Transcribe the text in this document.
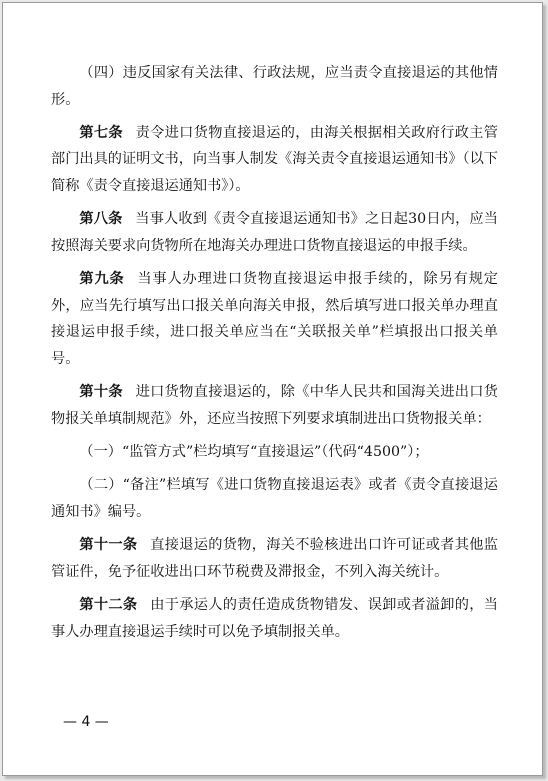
（四）违反国家有关法律、行政法规，应当责令直接退运的其他情形。

第七条 责令进口货物直接退运的，由海关根据相关政府行政主管部门出具的证明文书，向当事人制发《海关责令直接退运通知书》（以下简称《责令直接退运通知书》）。

第八条 当事人收到《责令直接退运通知书》之日起30日内，应当按照海关要求向货物所在地海关办理进口货物直接退运的申报手续。

第九条 当事人办理进口货物直接退运申报手续的，除另有规定外，应当先行填写出口报关单向海关申报，然后填写进口报关单办理直接退运申报手续，进口报关单应当在“关联报关单”栏填报出口报关单号。

第十条 进口货物直接退运的，除《中华人民共和国海关进出口货物报关单填制规范》外，还应当按照下列要求填制进出口货物报关单：

（一）“监管方式”栏均填写“直接退运”（代码“4500”）；

（二）“备注”栏填写《进口货物直接退运表》或者《责令直接退运通知书》编号。

第十一条 直接退运的货物，海关不验核进出口许可证或者其他监管证件，免予征收进出口环节税费及滞报金，不列入海关统计。

第十二条 由于承运人的责任造成货物错发、误卸或者溢卸的，当事人办理直接退运手续时可以免予填制报关单。

— 4 —
